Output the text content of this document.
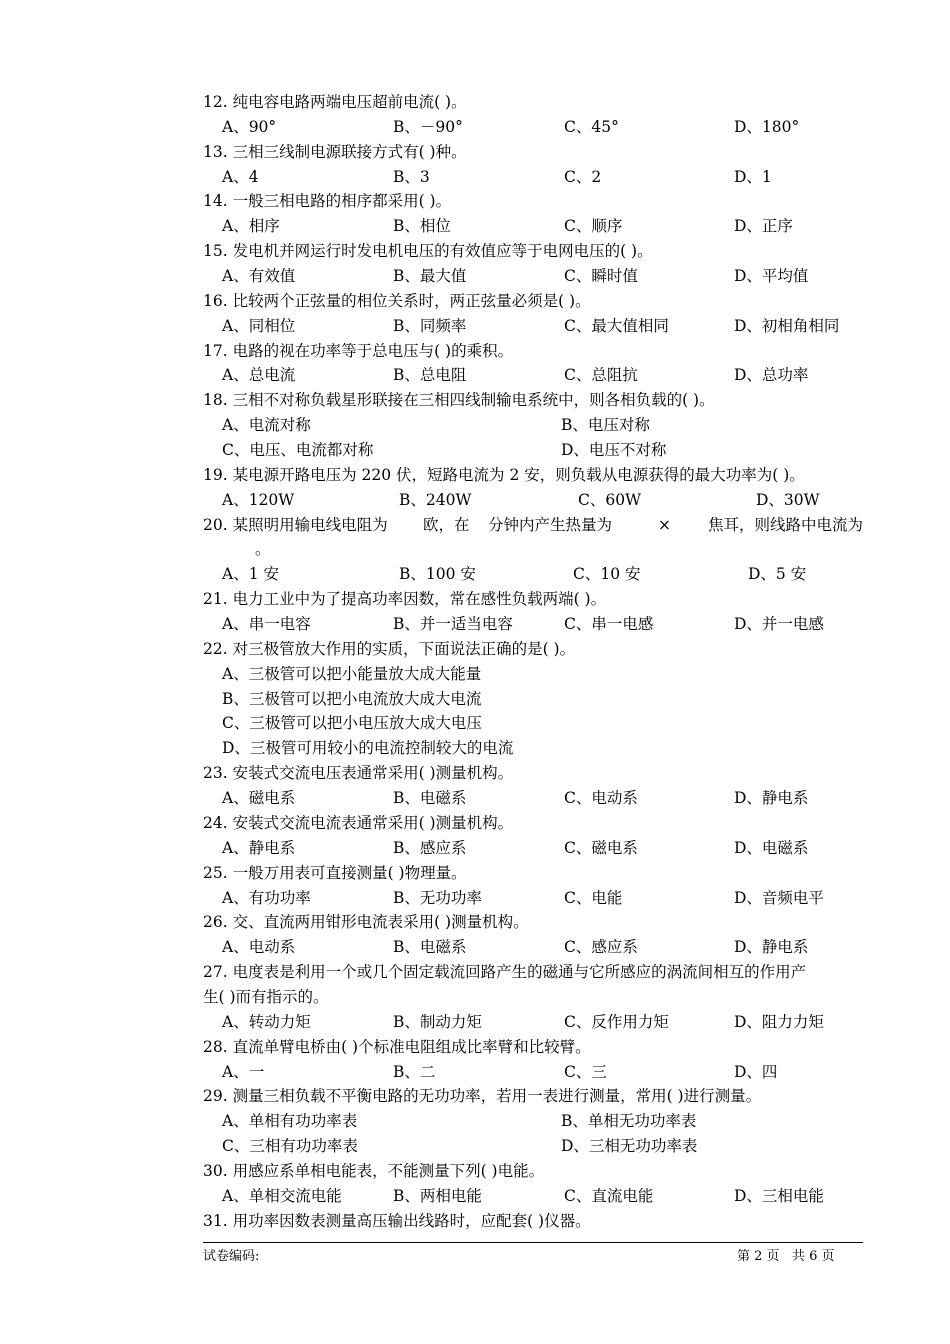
12. 纯电容电路两端电压超前电流( )。
A、90°	B、－90°	C、45°	D、180°
13. 三相三线制电源联接方式有( )种。
A、4	B、3	C、2	D、1
14. 一般三相电路的相序都采用( )。
A、相序	B、相位	C、顺序	D、正序
15. 发电机并网运行时发电机电压的有效值应等于电网电压的( )。
A、有效值	B、最大值	C、瞬时值	D、平均值
16. 比较两个正弦量的相位关系时，两正弦量必须是( )。
A、同相位	B、同频率	C、最大值相同	D、初相角相同
17. 电路的视在功率等于总电压与( )的乘积。
A、总电流	B、总电阻	C、总阻抗	D、总功率
18. 三相不对称负载星形联接在三相四线制输电系统中，则各相负载的( )。
A、电流对称	B、电压对称
C、电压、电流都对称	D、电压不对称
19. 某电源开路电压为 220 伏，短路电流为 2 安，则负载从电源获得的最大功率为( )。
A、120W	B、240W	C、60W	D、30W
20. 某照明用输电线电阻为 欧，在 分钟内产生热量为	× 焦耳，则线路中电流为
。
A、1 安	B、100 安	C、10 安	D、5 安
21. 电力工业中为了提高功率因数，常在感性负载两端( )。
A、串一电容	B、并一适当电容	C、串一电感	D、并一电感
22. 对三极管放大作用的实质，下面说法正确的是( )。
A、三极管可以把小能量放大成大能量
B、三极管可以把小电流放大成大电流
C、三极管可以把小电压放大成大电压
D、三极管可用较小的电流控制较大的电流
23. 安装式交流电压表通常采用( )测量机构。
A、磁电系	B、电磁系	C、电动系	D、静电系
24. 安装式交流电流表通常采用( )测量机构。
A、静电系	B、感应系	C、磁电系	D、电磁系
25. 一般万用表可直接测量( )物理量。
A、有功功率	B、无功功率	C、电能	D、音频电平
26. 交、直流两用钳形电流表采用( )测量机构。
A、电动系	B、电磁系	C、感应系	D、静电系
27. 电度表是利用一个或几个固定载流回路产生的磁通与它所感应的涡流间相互的作用产
生( )而有指示的。
A、转动力矩	B、制动力矩	C、反作用力矩	D、阻力力矩
28. 直流单臂电桥由( )个标准电阻组成比率臂和比较臂。
A、一	B、二	C、三	D、四
29. 测量三相负载不平衡电路的无功功率，若用一表进行测量，常用( )进行测量。
A、单相有功功率表	B、单相无功功率表
C、三相有功功率表	D、三相无功功率表
30. 用感应系单相电能表，不能测量下列( )电能。
A、单相交流电能	B、两相电能	C、直流电能	D、三相电能
31. 用功率因数表测量高压输出线路时，应配套( )仪器。
试卷编码:	第 2 页   共 6 页
